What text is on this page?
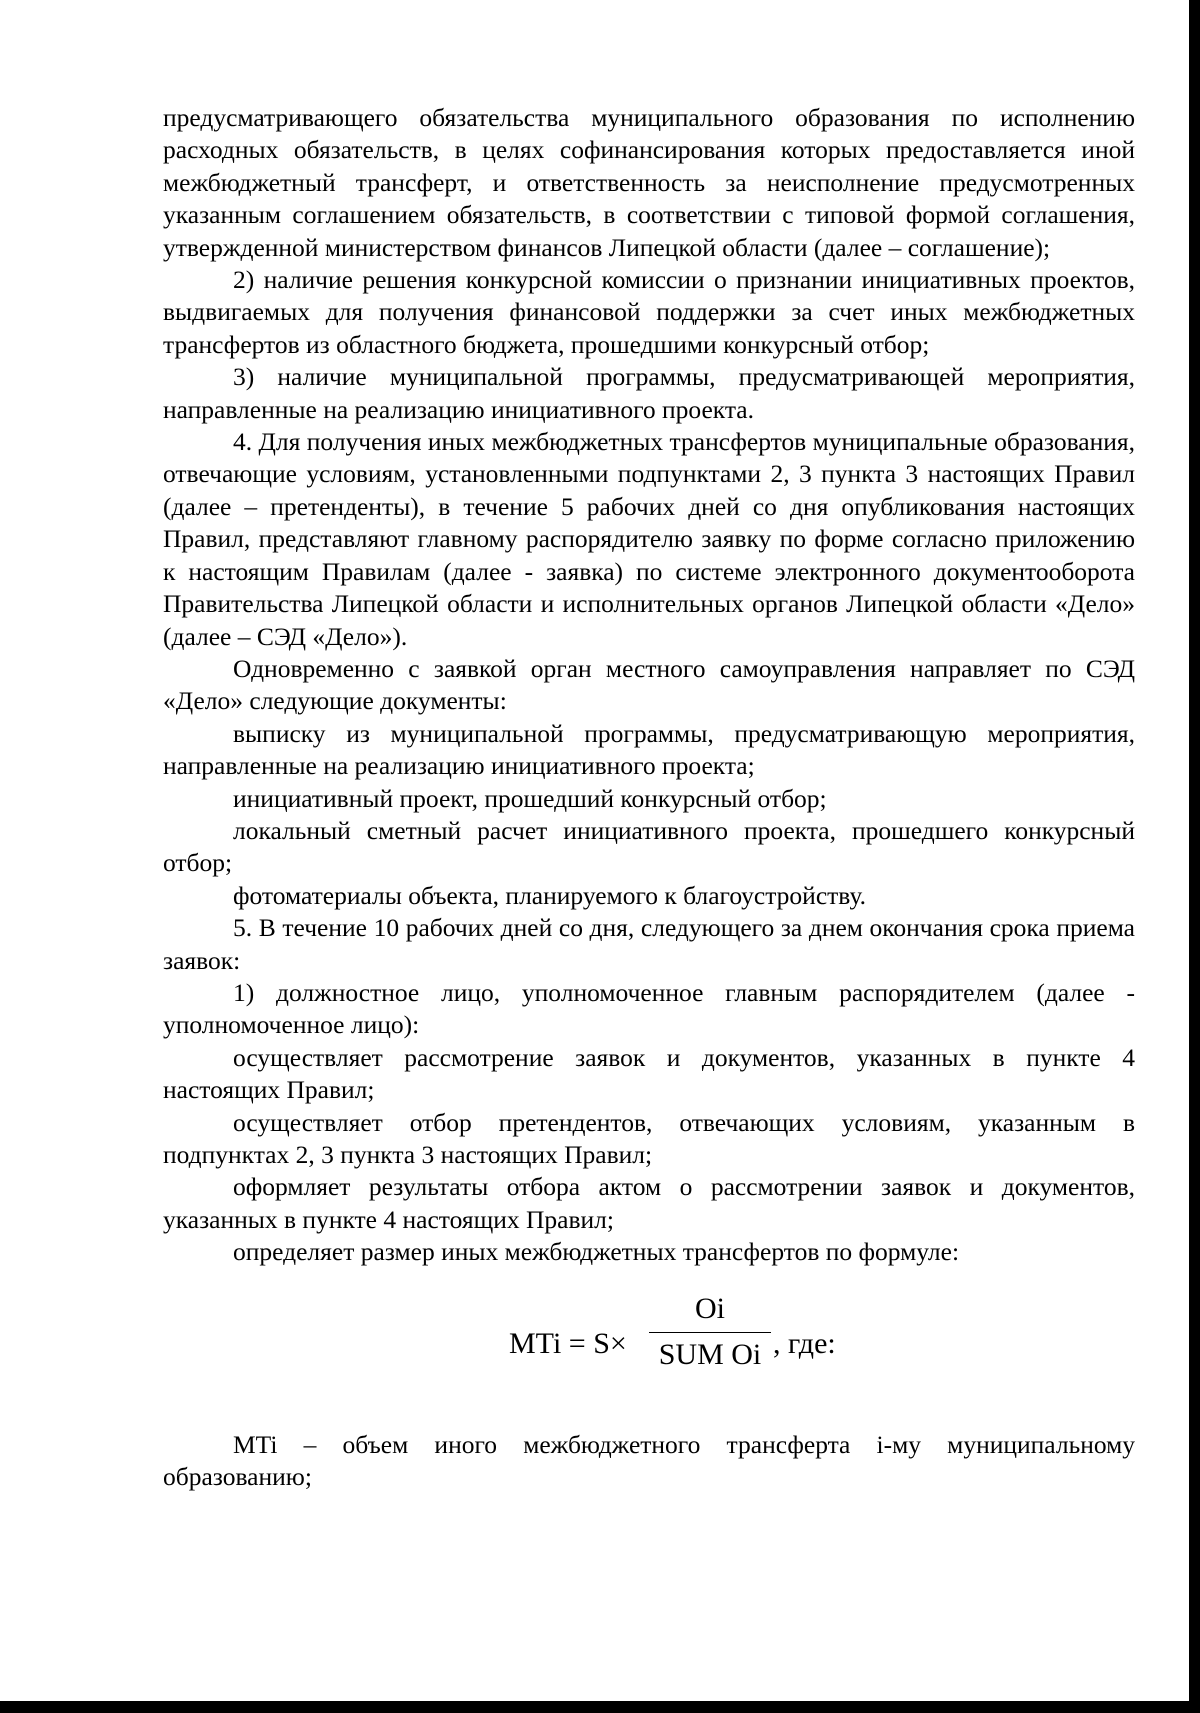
предусматривающего обязательства муниципального образования по исполнению расходных обязательств, в целях софинансирования которых предоставляется иной межбюджетный трансферт, и ответственность за неисполнение предусмотренных указанным соглашением обязательств, в соответствии с типовой формой соглашения, утвержденной министерством финансов Липецкой области (далее – соглашение);

2) наличие решения конкурсной комиссии о признании инициативных проектов, выдвигаемых для получения финансовой поддержки за счет иных межбюджетных трансфертов из областного бюджета, прошедшими конкурсный отбор;

3) наличие муниципальной программы, предусматривающей мероприятия, направленные на реализацию инициативного проекта.

4. Для получения иных межбюджетных трансфертов муниципальные образования, отвечающие условиям, установленными подпунктами 2, 3 пункта 3 настоящих Правил (далее – претенденты), в течение 5 рабочих дней со дня опубликования настоящих Правил, представляют главному распорядителю заявку по форме согласно приложению к настоящим Правилам (далее - заявка) по системе электронного документооборота Правительства Липецкой области и исполнительных органов Липецкой области «Дело» (далее – СЭД «Дело»).

Одновременно с заявкой орган местного самоуправления направляет по СЭД «Дело» следующие документы:

выписку из муниципальной программы, предусматривающую мероприятия, направленные на реализацию инициативного проекта;

инициативный проект, прошедший конкурсный отбор;

локальный сметный расчет инициативного проекта, прошедшего конкурсный отбор;

фотоматериалы объекта, планируемого к благоустройству.

5. В течение 10 рабочих дней со дня, следующего за днем окончания срока приема заявок:

1) должностное лицо, уполномоченное главным распорядителем (далее - уполномоченное лицо):

осуществляет рассмотрение заявок и документов, указанных в пункте 4 настоящих Правил;

осуществляет отбор претендентов, отвечающих условиям, указанным в подпунктах 2, 3 пункта 3 настоящих Правил;

оформляет результаты отбора актом о рассмотрении заявок и документов, указанных в пункте 4 настоящих Правил;

определяет размер иных межбюджетных трансфертов по формуле:

MTi = S×
Oi
SUM Oi , где:

MTi – объем иного межбюджетного трансферта i-му муниципальному образованию;
